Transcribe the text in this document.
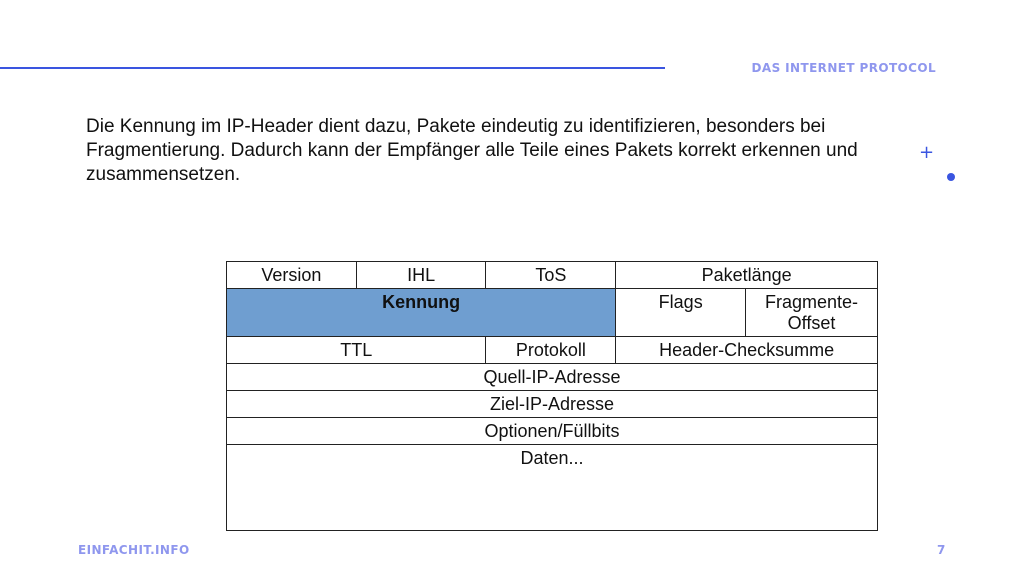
DAS INTERNET PROTOCOL
+
Die Kennung im IP-Header dient dazu, Pakete eindeutig zu identifizieren, besonders bei Fragmentierung. Dadurch kann der Empfänger alle Teile eines Pakets korrekt erkennen und zusammensetzen.
Version	IHL	ToS	Paketlänge	
Kennung			Flags	Fragmente-Offset
TTL		Protokoll	Header-Checksumme	
Quell-IP-Adresse				
Ziel-IP-Adresse				
Optionen/Füllbits				
Daten...				
EINFACHIT.INFO	7
